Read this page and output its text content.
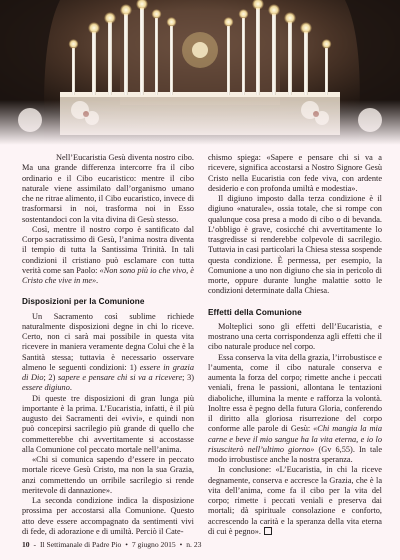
Nell’Eucaristia Gesù diventa nostro cibo. Ma una grande differenza intercorre fra il cibo ordinario e il Cibo eucaristico: mentre il cibo naturale viene assimilato dall’organismo umano che ne ritrae alimento, il Cibo eucaristico, invece di trasformarsi in noi, trasforma noi in Esso sostentandoci con la vita divina di Gesù stesso.

Così, mentre il nostro corpo è santificato dal Corpo sacratissimo di Gesù, l’anima nostra diventa il tempio di tutta la Santissima Trinità. In tali condizioni il cristiano può esclamare con tutta verità come san Paolo: «Non sono più io che vivo, è Cristo che vive in me».

Disposizioni per la Comunione

Un Sacramento così sublime richiede naturalmente disposizioni degne in chi lo riceve. Certo, non ci sarà mai possibile in questa vita ricevere in maniera veramente degna Colui che è la Santità stessa; tuttavia è necessario osservare almeno le seguenti condizioni: 1) essere in grazia di Dio; 2) sapere e pensare chi si va a ricevere; 3) essere digiuno.

Di queste tre disposizioni di gran lunga più importante è la prima. L’Eucaristia, infatti, è il più augusto dei Sacramenti dei «vivi», e quindi non può concepirsi sacrilegio più grande di quello che commetterebbe chi avvertitamente si accostasse alla Comunione col peccato mortale nell’anima.

«Chi si comunica sapendo d’essere in peccato mortale riceve Gesù Cristo, ma non la sua Grazia, anzi commettendo un orribile sacrilegio si rende meritevole di dannazione».

La seconda condizione indica la disposizione prossima per accostarsi alla Comunione. Questo atto deve essere accompagnato da sentimenti vivi di fede, di adorazione e di umiltà. Perciò il Cate-

chismo spiega: «Sapere e pensare chi si va a ricevere, significa accostarsi a Nostro Signore Gesù Cristo nella Eucaristia con fede viva, con ardente desiderio e con profonda umiltà e modestia».

Il digiuno imposto dalla terza condizione è il digiuno «naturale», ossia totale, che si rompe con qualunque cosa presa a modo di cibo o di bevanda. L’obbligo è grave, cosicché chi avvertitamente lo trasgredisse si renderebbe colpevole di sacrilegio. Tuttavia in casi particolari la Chiesa stessa sospende questa condizione. È permessa, per esempio, la Comunione a uno non digiuno che sia in pericolo di morte, oppure durante lunghe malattie sotto le condizioni determinate dalla Chiesa.

Effetti della Comunione

Molteplici sono gli effetti dell’Eucaristia, e mostrano una certa corrispondenza agli effetti che il cibo naturale produce nel corpo.

Essa conserva la vita della grazia, l’irrobustisce e l’aumenta, come il cibo naturale conserva e aumenta la forza del corpo; rimette anche i peccati veniali, frena le passioni, allontana le tentazioni diaboliche, illumina la mente e rafforza la volontà. Inoltre essa è pegno della futura Gloria, conferendo il diritto alla gloriosa risurrezione del corpo conforme alle parole di Gesù: «Chi mangia la mia carne e beve il mio sangue ha la vita eterna, e io lo risusciterò nell’ultimo giorno» (Gv 6,55). In tale modo irrobustisce anche la nostra speranza.

In conclusione: «L’Eucaristia, in chi la riceve degnamente, conserva e accresce la Grazia, che è la vita dell’anima, come fa il cibo per la vita del corpo; rimette i peccati veniali e preserva dai mortali; dà spirituale consolazione e conforto, accrescendo la carità e la speranza della vita eterna di cui è pegno».

10 - Il Settimanale di Padre Pio • 7 giugno 2015 • n. 23
